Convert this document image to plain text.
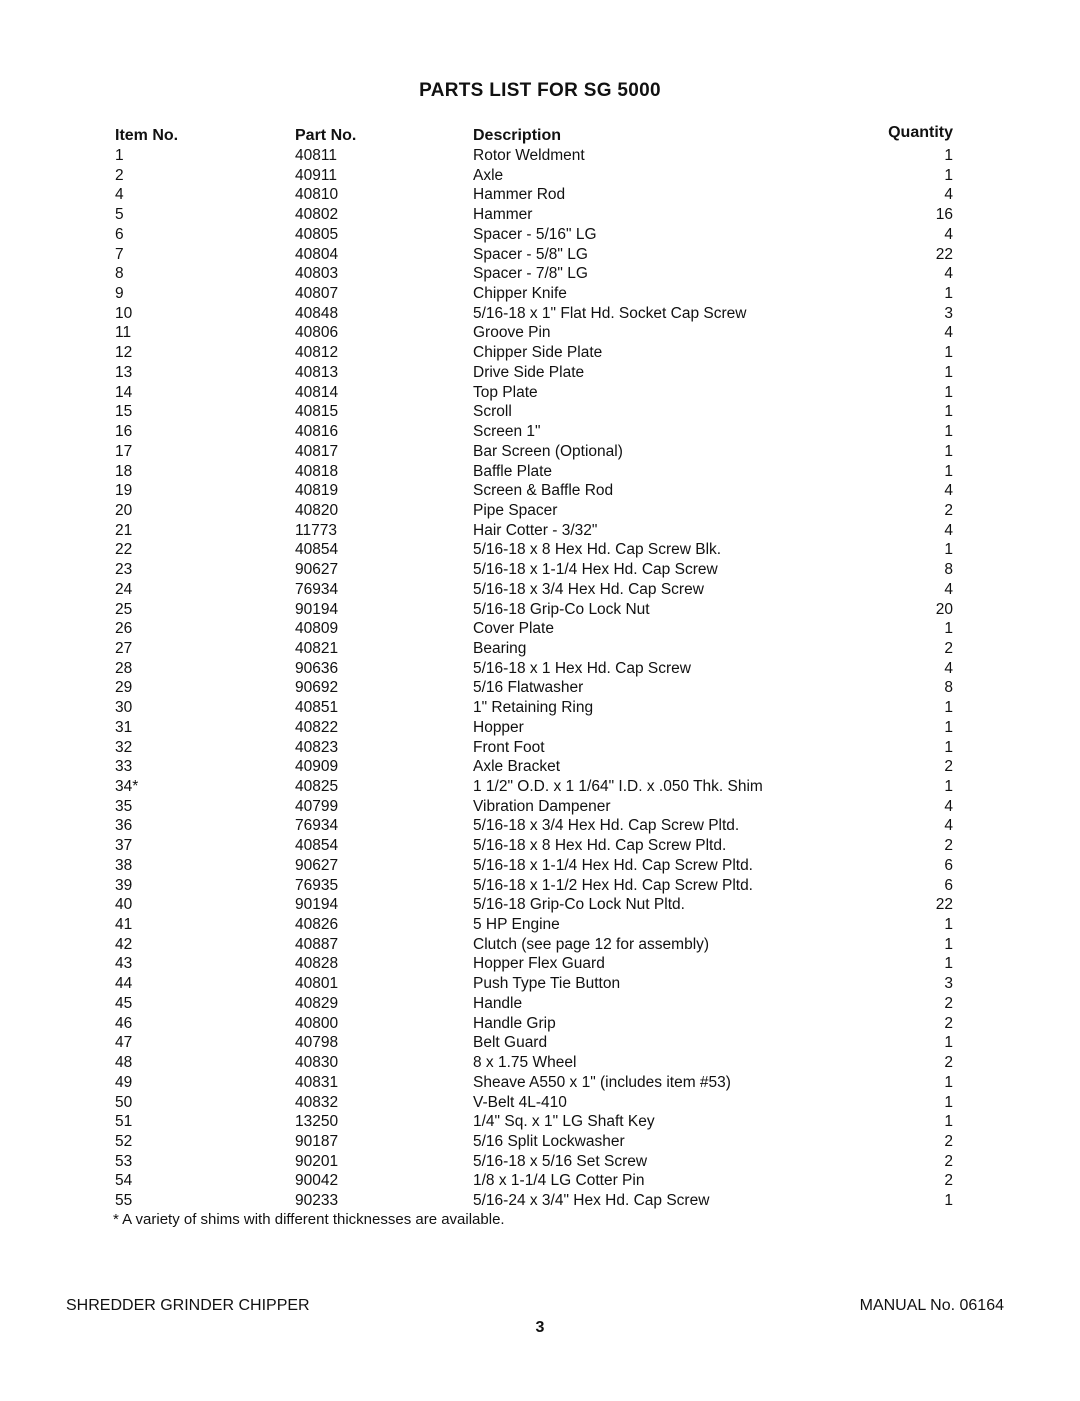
PARTS LIST FOR SG 5000
Item No.	Part No.	Description	Quantity
1	40811	Rotor Weldment	1
2	40911	Axle	1
4	40810	Hammer Rod	4
5	40802	Hammer	16
6	40805	Spacer - 5/16" LG	4
7	40804	Spacer - 5/8" LG	22
8	40803	Spacer - 7/8" LG	4
9	40807	Chipper Knife	1
10	40848	5/16-18 x 1" Flat Hd. Socket Cap Screw	3
11	40806	Groove Pin	4
12	40812	Chipper Side Plate	1
13	40813	Drive Side Plate	1
14	40814	Top Plate	1
15	40815	Scroll	1
16	40816	Screen 1"	1
17	40817	Bar Screen (Optional)	1
18	40818	Baffle Plate	1
19	40819	Screen & Baffle Rod	4
20	40820	Pipe Spacer	2
21	11773	Hair Cotter - 3/32"	4
22	40854	5/16-18 x 8 Hex Hd. Cap Screw Blk.	1
23	90627	5/16-18 x 1-1/4 Hex Hd. Cap Screw	8
24	76934	5/16-18 x 3/4 Hex Hd. Cap Screw	4
25	90194	5/16-18 Grip-Co Lock Nut	20
26	40809	Cover Plate	1
27	40821	Bearing	2
28	90636	5/16-18 x 1 Hex Hd. Cap Screw	4
29	90692	5/16 Flatwasher	8
30	40851	1" Retaining Ring	1
31	40822	Hopper	1
32	40823	Front Foot	1
33	40909	Axle Bracket	2
34*	40825	1 1/2" O.D. x 1 1/64" I.D. x .050 Thk. Shim	1
35	40799	Vibration Dampener	4
36	76934	5/16-18 x 3/4 Hex Hd. Cap Screw Pltd.	4
37	40854	5/16-18 x 8 Hex Hd. Cap Screw Pltd.	2
38	90627	5/16-18 x 1-1/4 Hex Hd. Cap Screw Pltd.	6
39	76935	5/16-18 x 1-1/2 Hex Hd. Cap Screw Pltd.	6
40	90194	5/16-18 Grip-Co Lock Nut Pltd.	22
41	40826	5 HP Engine	1
42	40887	Clutch (see page 12 for assembly)	1
43	40828	Hopper Flex Guard	1
44	40801	Push Type Tie Button	3
45	40829	Handle	2
46	40800	Handle Grip	2
47	40798	Belt Guard	1
48	40830	8 x 1.75 Wheel	2
49	40831	Sheave A550 x 1" (includes item #53)	1
50	40832	V-Belt 4L-410	1
51	13250	1/4" Sq. x 1" LG Shaft Key	1
52	90187	5/16 Split Lockwasher	2
53	90201	5/16-18 x 5/16 Set Screw	2
54	90042	1/8 x 1-1/4 LG Cotter Pin	2
55	90233	5/16-24 x 3/4" Hex Hd. Cap Screw	1
* A variety of shims with different thicknesses are available.
SHREDDER GRINDER CHIPPER	MANUAL No. 06164
3
